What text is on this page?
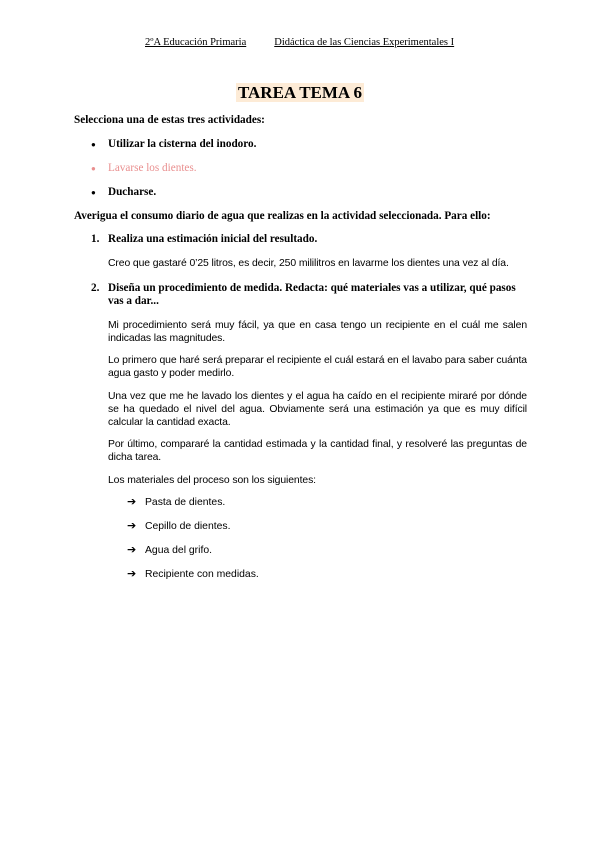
2ºA Educación Primaria	Didáctica de las Ciencias Experimentales I
TAREA TEMA 6

Selecciona una de estas tres actividades:

● Utilizar la cisterna del inodoro.
● Lavarse los dientes.
● Ducharse.

Averigua el consumo diario de agua que realizas en la actividad seleccionada. Para ello:

1. Realiza una estimación inicial del resultado.

Creo que gastaré 0’25 litros, es decir, 250 mililitros en lavarme los dientes una vez al día.

2. Diseña un procedimiento de medida. Redacta: qué materiales vas a utilizar, qué pasos vas a dar...

Mi procedimiento será muy fácil, ya que en casa tengo un recipiente en el cuál me salen indicadas las magnitudes.

Lo primero que haré será preparar el recipiente el cuál estará en el lavabo para saber cuánta agua gasto y poder medirlo.

Una vez que me he lavado los dientes y el agua ha caído en el recipiente miraré por dónde se ha quedado el nivel del agua. Obviamente será una estimación ya que es muy difícil calcular la cantidad exacta.

Por último, compararé la cantidad estimada y la cantidad final, y resolveré las preguntas de dicha tarea.

Los materiales del proceso son los siguientes:

➔ Pasta de dientes.
➔ Cepillo de dientes.
➔ Agua del grifo.
➔ Recipiente con medidas.
